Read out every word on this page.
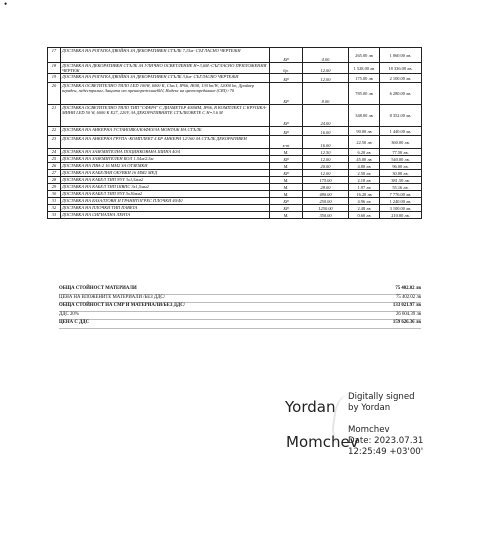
•
17	ДОСТАВКА НА РОГАТКА ДВОЙНА ЗА ДЕКОРАТИВЕН СТЪЛБ 7,15м- СЪГЛАСНО ЧЕРТЕЖИ	БР	4.00	265.00 лв	1 060.00 лв.
18	ДОСТАВКА НА ДЕКОРАТИВЕН СТЪЛБ ЗА УЛИЧНО ОСВЕТЛЕНИЕ Н=3,6М.-СЪГЛАСНО ПРИЛОЖЕНИЯ ЧЕРТЕЖ	бр.	12.00	1 528.00 лв	18 336.00 лв.
19	ДОСТАВКА НА РОГАТКА ДВОЙНА ЗА ДЕКОРАТИВЕН СТЪЛБ 3,6м- СЪГЛАСНО ЧЕРТЕЖИ	БР	12.00	175.00 лв	2 100.00 лв.
20	ДОСТАВКА ОСВЕТИТЕЛНО ТЯЛО LED 100W, 6000 К, Clas I, IP66, IK08, 130 lm/W, 12000 lm, Драйвер вграден, педестрални, Защита от пренапрежение6kV, Индекс на цветопредаване (CRI)>70	БР	8.00	785.00 лв	6 280.00 лв.
21	ДОСТАВКА ОСВЕТИТЕЛНО ТЯЛО ТИП "СФЕРА" С ДИАМЕТЪР 400ММ, IP66, В КОМПЛЕКТ С КРУШКА- МИНИ LED 50 W, 6000 К E27, 220V, ЗА ДЕКОРАТИВНИТЕ СТЪЛБОВЕТЕ С Н=3.6 М	БР	24.00	348.00 лв	8 352.00 лв.
22	ДОСТАВКА НА АНКЕРНА УСТАНОВКА/КАФЕЗ/ЗА МОНТАЖ НА СТЪЛБ	БР	16.00	90.00 лв	1 440.00 лв.
23	ДОСТАВКА НА АНКЕРНА ГРУПА -КОМПЛЕКТ 4 БР АНКЕРИ 12/160 ЗА СТЪЛБ ДЕКОРАТИВЕН	к-т	16.00	22.50 лв	360.00 лв.
24	ДОСТАВКА НА ЗАЗЕМИТЕЛНА ПОЦИНКОВАНА ШИНА 40/4	М.	12.50	6.20 лв	77.50 лв.
25	ДОСТАВКА НА ЗАЗЕМИТЕЛЕН КОЛ 1.54м/2.5м	БР	12.00	45.00 лв	540.00 лв.
26	ДОСТАВКА НА ПВА-2 16 ММ2 ЗА ОТЗЕМКИ	М.	20.00	4.80 лв	96.00 лв.
27	ДОСТАВКА НА КАБЕЛНИ ОБУВКИ 16 ММ2 МЕД	БР	12.00	2.50 лв	30.00 лв.
28	ДОСТАВКА НА КАБЕЛ ТИП NYY 3x1,5мм2	М.	175.00	2.18 лв	381.50 лв.
29	ДОСТАВКА НА КАБЕЛ ТИП ШВПС 3х1,5мм2	М.	28.00	1.97 лв	55.16 лв.
30	ДОСТАВКА НА КАБЕЛ ТИП NYY 5х10мм2	М.	480.00	16.20 лв	7 776.00 лв.
31	ДОСТАВКА НА БАЗАЛТОВИ И ГРАНИТОГРЕС ПЛОЧКИ 40/40	БР	250.00	4.96 лв	1 240.00 лв.
32	ДОСТАВКА НА ПЛОЧКИ ТИП ПАВЕТА	БР	1250.00	2.48 лв	3 100.00 лв.
33	ДОСТАВКА НА СИГНАЛНА ЛЕНТА	М.	350.00	0.60 лв	210.00 лв.
ОБЩА СТОЙНОСТ МАТЕРИАЛИ	75 402.02 лв
ЦЕНА НА ВЛОЖЕНИТЕ МАТЕРИАЛИ /БЕЗ ДДС/	75 402.02 лв
ОБЩА СТОЙНОСТ НА СМР И МАТЕРИАЛИ/БЕЗ ДДС/	133 021.97 лв
ДДС 20%	26 604.39 лв
ЦЕНА С ДДС	159 626.36 лв
Yordan
Momchev
Digitally signed
by Yordan
Momchev
Date: 2023.07.31
12:25:49 +03'00'
